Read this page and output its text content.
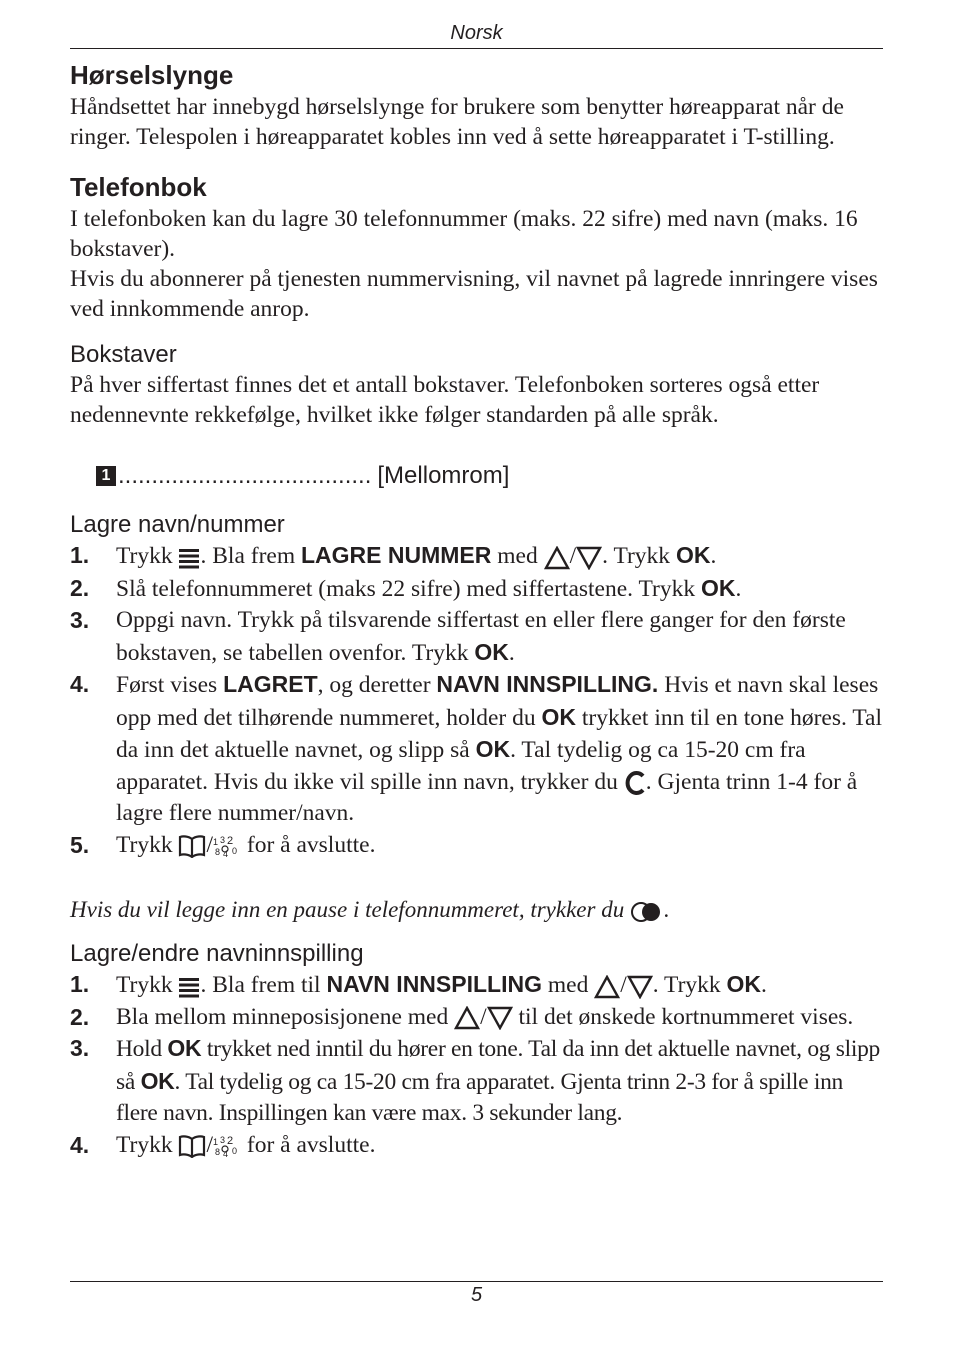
Norsk
Hørselslynge

Håndsettet har innebygd hørselslynge for brukere som benytter høreapparat når de ringer. Telespolen i høreapparatet kobles inn ved å sette høreapparatet i T-stilling.

Telefonbok

I telefonboken kan du lagre 30 telefonnummer (maks. 22 sifre) med navn (maks. 16 bokstaver).

Hvis du abonnerer på tjenesten nummervisning, vil navnet på lagrede innringere vises ved innkommende anrop.

Bokstaver

På hver siffertast finnes det et antall bokstaver. Telefonboken sorteres også etter nedennevnte rekkefølge, hvilket ikke følger standarden på alle språk.

1 ...................................... [Mellomrom]
Lagre navn/nummer
1. Trykk
. Bla frem LAGRE NUMMER med
/ . Trykk OK.
2. Slå telefonnummeret (maks 22 sifre) med siffertastene. Trykk OK.
3. Oppgi navn. Trykk på tilsvarende siffertast en eller flere ganger for den første bokstaven, se tabellen ovenfor. Trykk OK.
4. Først vises LAGRET, og deretter NAVN INNSPILLING. Hvis et navn skal leses opp med det tilhørende nummeret, holder du OK trykket inn til en tone høres. Tal da inn det aktuelle navnet, og slipp så OK. Tal tydelig og ca 15-20 cm fra apparatet. Hvis du ikke vil spille inn navn, trykker du
. Gjenta trinn 1-4 for å lagre flere nummer/navn.
5. Trykk
/ 1 3 2
8 4 0 for å avslutte.

Hvis du vil legge inn en pause i telefonnummeret, trykker du
.

Lagre/endre navninnspilling
1. Trykk
. Bla frem til NAVN INNSPILLING med
/ . Trykk OK.
2. Bla mellom minneposisjonene med
/
til det ønskede kortnummeret vises.
3. Hold OK trykket ned inntil du hører en tone. Tal da inn det aktuelle navnet, og slipp så OK. Tal tydelig og ca 15-20 cm fra apparatet. Gjenta trinn 2-3 for å spille inn flere navn. Inspillingen kan være max. 3 sekunder lang.
4. Trykk
/ 1 3 2
8 4 0 for å avslutte.
5
